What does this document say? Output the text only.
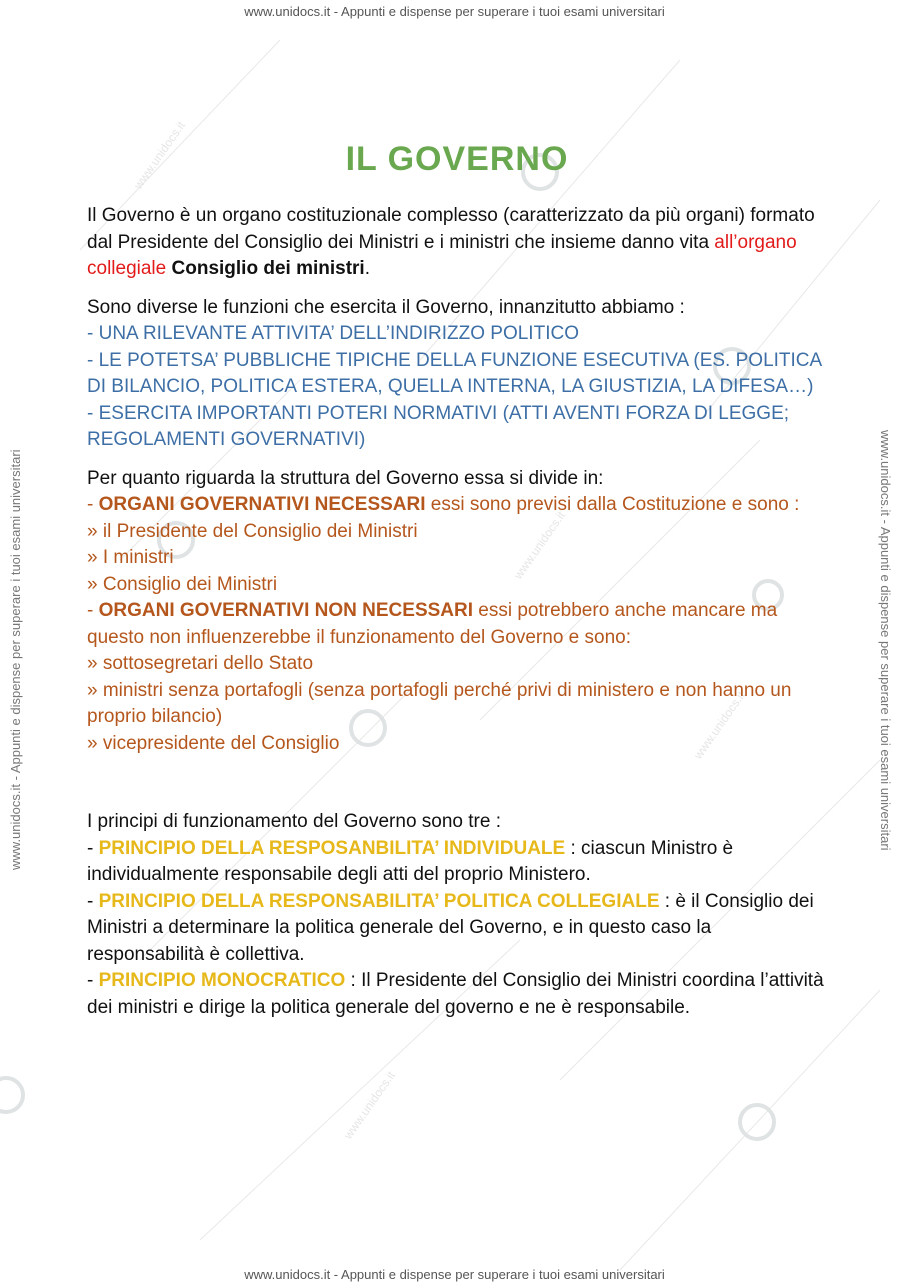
www.unidocs.it
www.unidocs.it
www.unidocs.it
www.unidocs.it
www.unidocs.it - Appunti e dispense per superare i tuoi esami universitari
www.unidocs.it - Appunti e dispense per superare i tuoi esami universitari	www.unidocs.it - Appunti e dispense per superare i tuoi esami universitari
IL GOVERNO

Il Governo è un organo costituzionale complesso (caratterizzato da più organi) formato dal Presidente del Consiglio dei Ministri e i ministri che insieme danno vita all’organo collegiale Consiglio dei ministri.

Sono diverse le funzioni che esercita il Governo, innanzitutto abbiamo :
- UNA RILEVANTE ATTIVITA’ DELL’INDIRIZZO POLITICO
- LE POTETSA’ PUBBLICHE TIPICHE DELLA FUNZIONE ESECUTIVA (ES. POLITICA DI BILANCIO, POLITICA ESTERA, QUELLA INTERNA, LA GIUSTIZIA, LA DIFESA…)
- ESERCITA IMPORTANTI POTERI NORMATIVI (ATTI AVENTI FORZA DI LEGGE; REGOLAMENTI GOVERNATIVI)

Per quanto riguarda la struttura del Governo essa si divide in:
- ORGANI GOVERNATIVI NECESSARI essi sono previsi dalla Costituzione e sono :
» il Presidente del Consiglio dei Ministri
» I ministri
» Consiglio dei Ministri
- ORGANI GOVERNATIVI NON NECESSARI essi potrebbero anche mancare ma questo non influenzerebbe il funzionamento del Governo e sono:
» sottosegretari dello Stato
» ministri senza portafogli (senza portafogli perché privi di ministero e non hanno un proprio bilancio)
» vicepresidente del Consiglio

I principi di funzionamento del Governo sono tre :
- PRINCIPIO DELLA RESPOSANBILITA’ INDIVIDUALE : ciascun Ministro è individualmente responsabile degli atti del proprio Ministero.
- PRINCIPIO DELLA RESPONSABILITA’ POLITICA COLLEGIALE : è il Consiglio dei Ministri a determinare la politica generale del Governo, e in questo caso la responsabilità è collettiva.
- PRINCIPIO MONOCRATICO : Il Presidente del Consiglio dei Ministri coordina l’attività dei ministri e dirige la politica generale del governo e ne è responsabile.

www.unidocs.it - Appunti e dispense per superare i tuoi esami universitari
